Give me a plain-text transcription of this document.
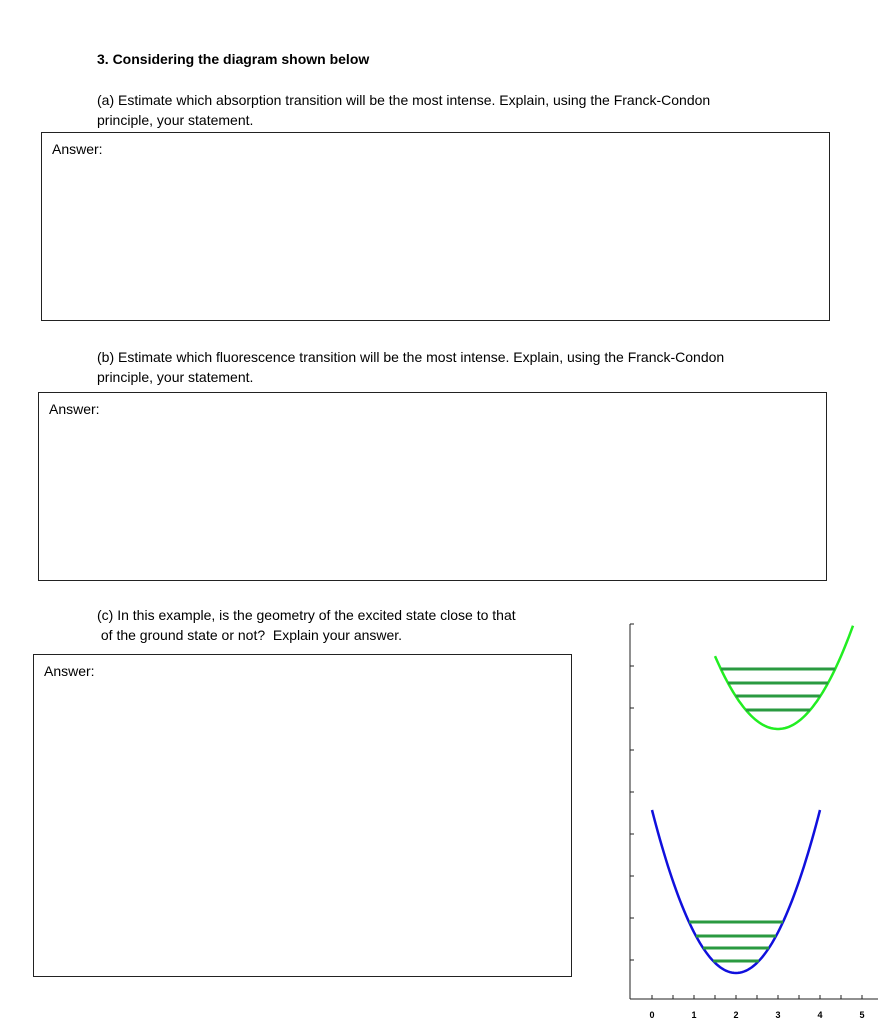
3. Considering the diagram shown below
(a) Estimate which absorption transition will be the most intense. Explain, using the Franck-Condon
principle, your statement.
Answer:
(b) Estimate which fluorescence transition will be the most intense. Explain, using the Franck-Condon
principle, your statement.
Answer:
(c) In this example, is the geometry of the excited state close to that
of the ground state or not?  Explain your answer.
Answer:
0	1	2	3	4	5
